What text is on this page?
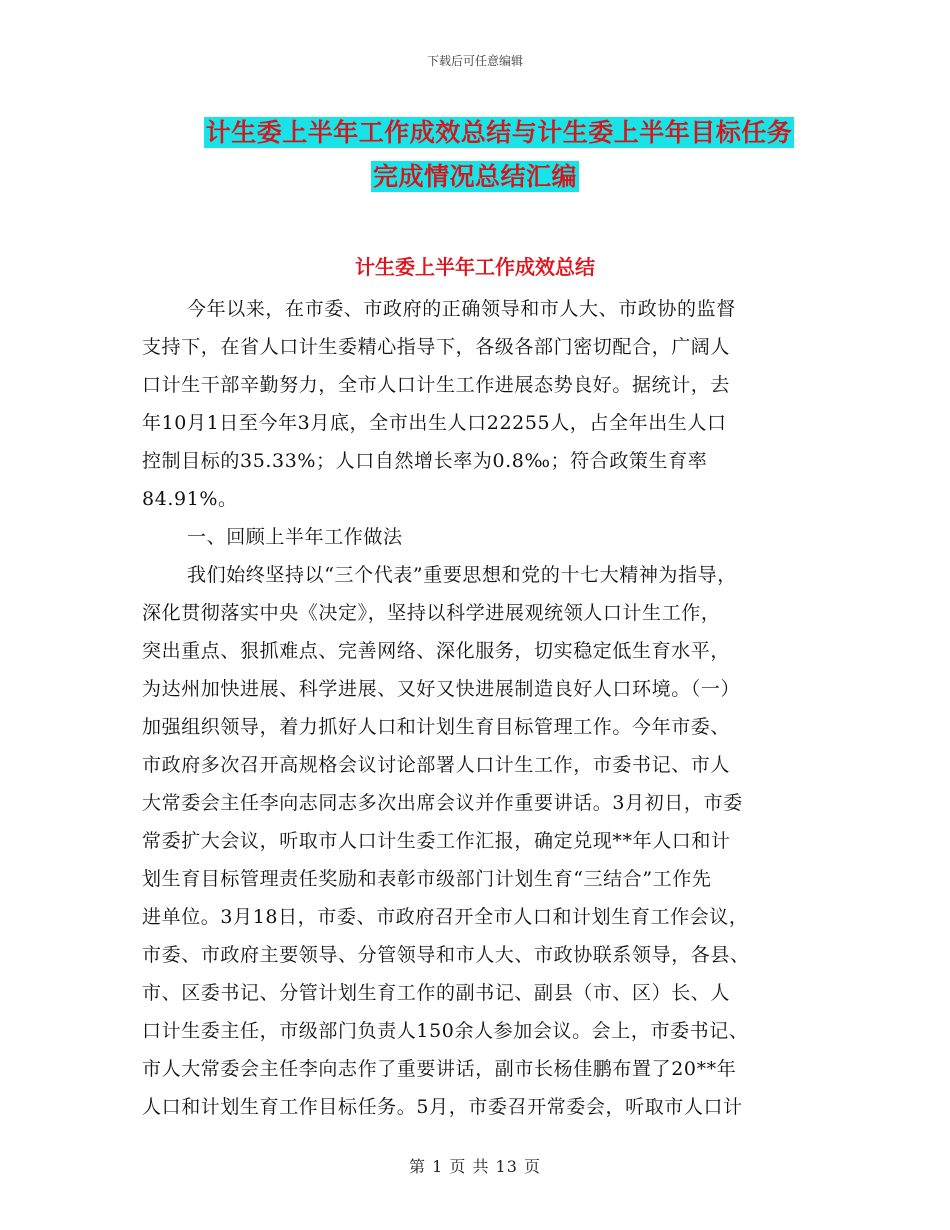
下载后可任意编辑
计生委上半年工作成效总结与计生委上半年目标任务
完成情况总结汇编
计生委上半年工作成效总结
今年以来，在市委、市政府的正确领导和市人大、市政协的监督
支持下，在省人口计生委精心指导下，各级各部门密切配合，广阔人
口计生干部辛勤努力，全市人口计生工作进展态势良好。据统计，去
年10月1日至今年3月底，全市出生人口22255人，占全年出生人口
控制目标的35.33%；人口自然增长率为0.8‰；符合政策生育率
84.91%。
一、回顾上半年工作做法
我们始终坚持以“三个代表”重要思想和党的十七大精神为指导，
深化贯彻落实中央《决定》，坚持以科学进展观统领人口计生工作，
突出重点、狠抓难点、完善网络、深化服务，切实稳定低生育水平，
为达州加快进展、科学进展、又好又快进展制造良好人口环境。（一）
加强组织领导，着力抓好人口和计划生育目标管理工作。今年市委、
市政府多次召开高规格会议讨论部署人口计生工作，市委书记、市人
大常委会主任李向志同志多次出席会议并作重要讲话。3月初日，市委
常委扩大会议，听取市人口计生委工作汇报，确定兑现**年人口和计
划生育目标管理责任奖励和表彰市级部门计划生育“三结合”工作先
进单位。3月18日，市委、市政府召开全市人口和计划生育工作会议，
市委、市政府主要领导、分管领导和市人大、市政协联系领导，各县、
市、区委书记、分管计划生育工作的副书记、副县（市、区）长、人
口计生委主任，市级部门负责人150余人参加会议。会上，市委书记、
市人大常委会主任李向志作了重要讲话，副市长杨佳鹏布置了20**年
人口和计划生育工作目标任务。5月，市委召开常委会，听取市人口计
第 1 页 共 13 页
